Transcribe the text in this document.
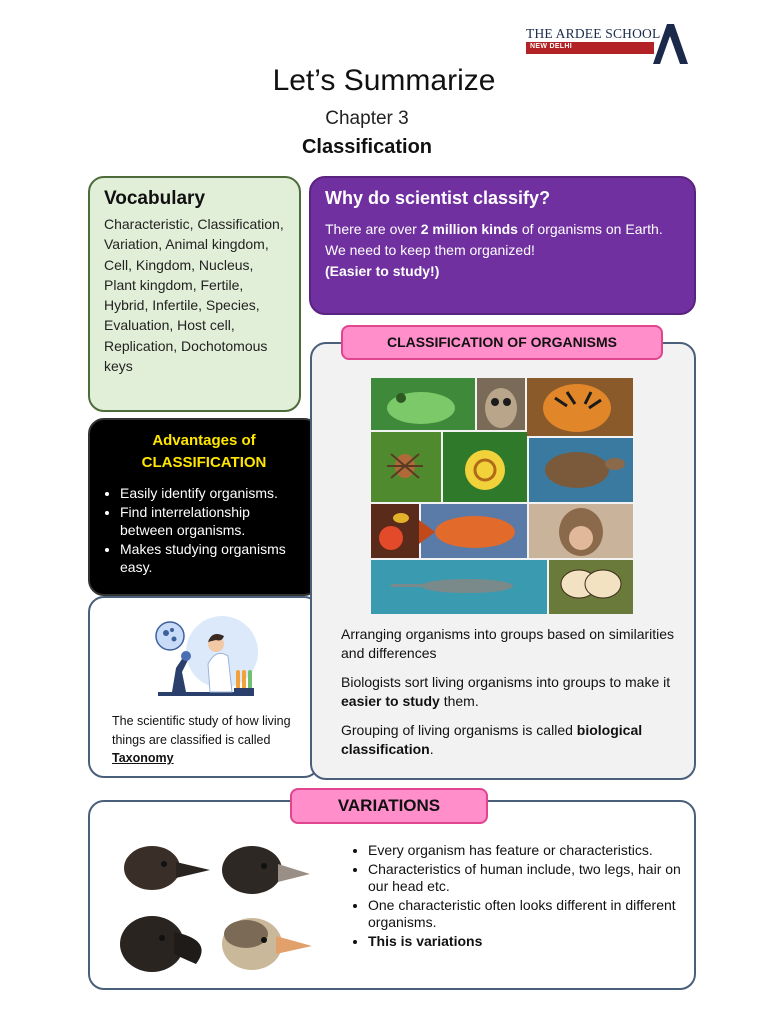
THE ARDEE SCHOOL
NEW DELHI
Let’s Summarize
Chapter 3
Classification
Vocabulary
Characteristic, Classification, Variation, Animal kingdom, Cell, Kingdom, Nucleus, Plant kingdom, Fertile, Hybrid, Infertile, Species, Evaluation, Host cell, Replication, Dochotomous keys
Why do scientist classify?
There are over 2 million kinds of organisms on Earth.
We need to keep them organized!
(Easier to study!)
Advantages of
CLASSIFICATION
• Easily identify organisms.
• Find interrelationship between organisms.
• Makes studying organisms easy.
The scientific study of how living things are classified is called Taxonomy
CLASSIFICATION OF ORGANISMS

Arranging organisms into groups based on similarities and differences

Biologists sort living organisms into groups to make it easier to study them.

Grouping of living organisms is called biological classification.

VARIATIONS
• Every organism has feature or characteristics.
• Characteristics of human include, two legs, hair on our head etc.
• One characteristic often looks different in different organisms.
• This is variations
